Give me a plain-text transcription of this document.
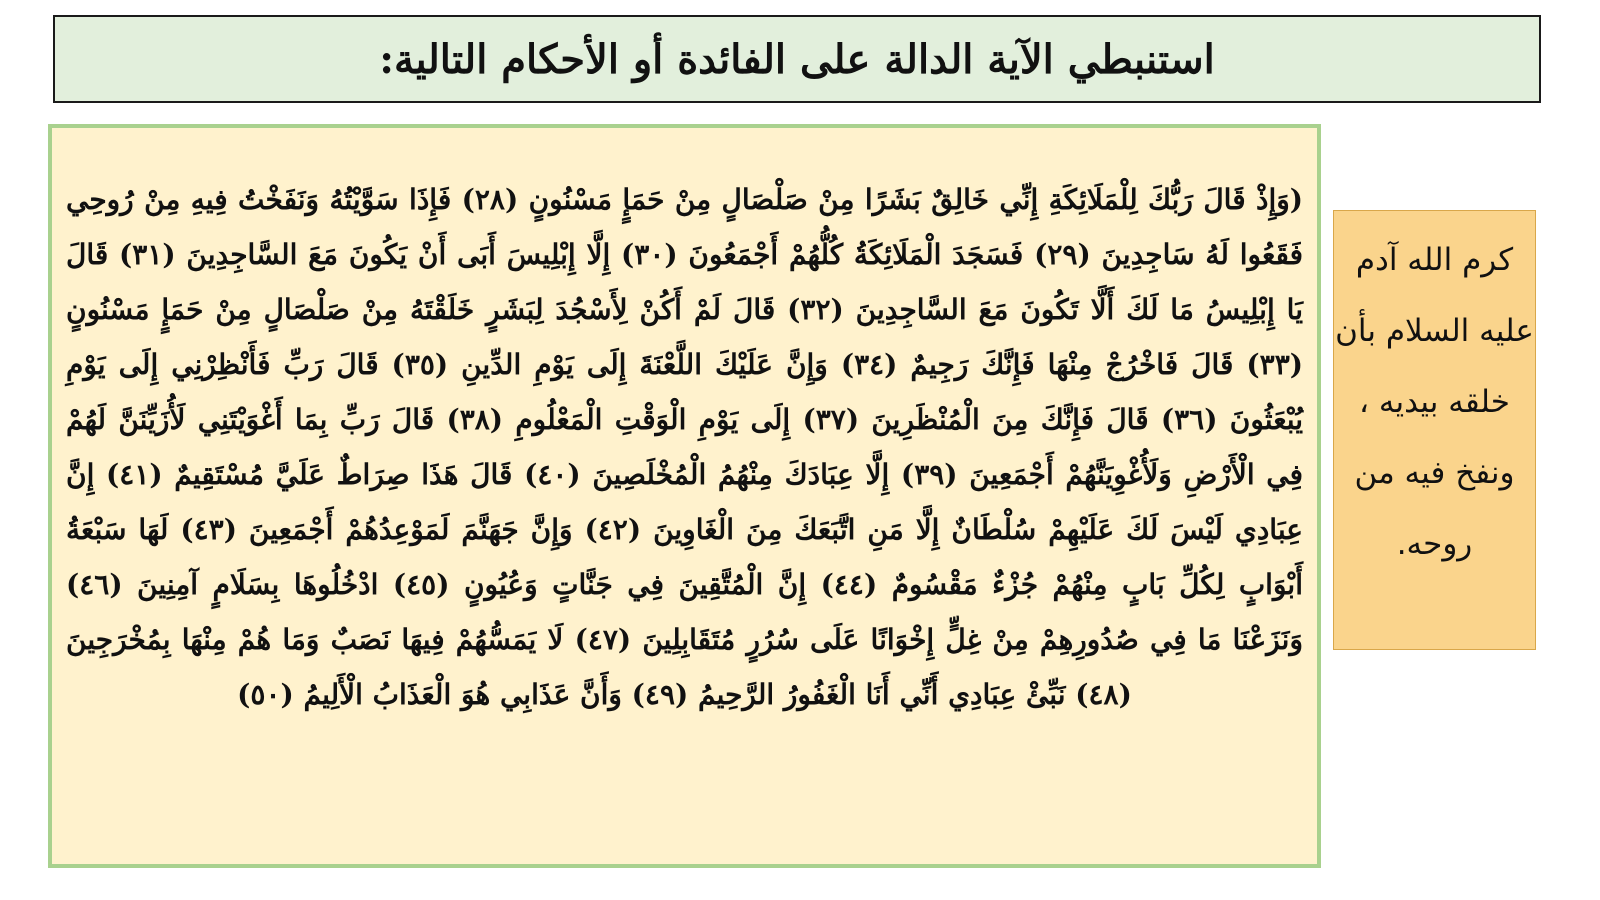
استنبطي الآية الدالة على الفائدة أو الأحكام التالية:

(وَإِذْ قَالَ رَبُّكَ لِلْمَلَائِكَةِ إِنِّي خَالِقٌ بَشَرًا مِنْ صَلْصَالٍ مِنْ حَمَإٍ مَسْنُونٍ (٢٨) فَإِذَا سَوَّيْتُهُ وَنَفَخْتُ فِيهِ مِنْ رُوحِي فَقَعُوا لَهُ سَاجِدِينَ (٢٩) فَسَجَدَ الْمَلَائِكَةُ كُلُّهُمْ أَجْمَعُونَ (٣٠) إِلَّا إِبْلِيسَ أَبَى أَنْ يَكُونَ مَعَ السَّاجِدِينَ (٣١) قَالَ يَا إِبْلِيسُ مَا لَكَ أَلَّا تَكُونَ مَعَ السَّاجِدِينَ (٣٢) قَالَ لَمْ أَكُنْ لِأَسْجُدَ لِبَشَرٍ خَلَقْتَهُ مِنْ صَلْصَالٍ مِنْ حَمَإٍ مَسْنُونٍ (٣٣) قَالَ فَاخْرُجْ مِنْهَا فَإِنَّكَ رَجِيمٌ (٣٤) وَإِنَّ عَلَيْكَ اللَّعْنَةَ إِلَى يَوْمِ الدِّينِ (٣٥) قَالَ رَبِّ فَأَنْظِرْنِي إِلَى يَوْمِ يُبْعَثُونَ (٣٦) قَالَ فَإِنَّكَ مِنَ الْمُنْظَرِينَ (٣٧) إِلَى يَوْمِ الْوَقْتِ الْمَعْلُومِ (٣٨) قَالَ رَبِّ بِمَا أَغْوَيْتَنِي لَأُزَيِّنَنَّ لَهُمْ فِي الْأَرْضِ وَلَأُغْوِيَنَّهُمْ أَجْمَعِينَ (٣٩) إِلَّا عِبَادَكَ مِنْهُمُ الْمُخْلَصِينَ (٤٠) قَالَ هَذَا صِرَاطٌ عَلَيَّ مُسْتَقِيمٌ (٤١) إِنَّ عِبَادِي لَيْسَ لَكَ عَلَيْهِمْ سُلْطَانٌ إِلَّا مَنِ اتَّبَعَكَ مِنَ الْغَاوِينَ (٤٢) وَإِنَّ جَهَنَّمَ لَمَوْعِدُهُمْ أَجْمَعِينَ (٤٣) لَهَا سَبْعَةُ أَبْوَابٍ لِكُلِّ بَابٍ مِنْهُمْ جُزْءٌ مَقْسُومٌ (٤٤) إِنَّ الْمُتَّقِينَ فِي جَنَّاتٍ وَعُيُونٍ (٤٥) ادْخُلُوهَا بِسَلَامٍ آمِنِينَ (٤٦) وَنَزَعْنَا مَا فِي صُدُورِهِمْ مِنْ غِلٍّ إِخْوَانًا عَلَى سُرُرٍ مُتَقَابِلِينَ (٤٧) لَا يَمَسُّهُمْ فِيهَا نَصَبٌ وَمَا هُمْ مِنْهَا بِمُخْرَجِينَ (٤٨) نَبِّئْ عِبَادِي أَنِّي أَنَا الْغَفُورُ الرَّحِيمُ (٤٩) وَأَنَّ عَذَابِي هُوَ الْعَذَابُ الْأَلِيمُ (٥٠)

كرم الله آدم عليه السلام بأن خلقه بيديه ، ونفخ فيه من روحه.
